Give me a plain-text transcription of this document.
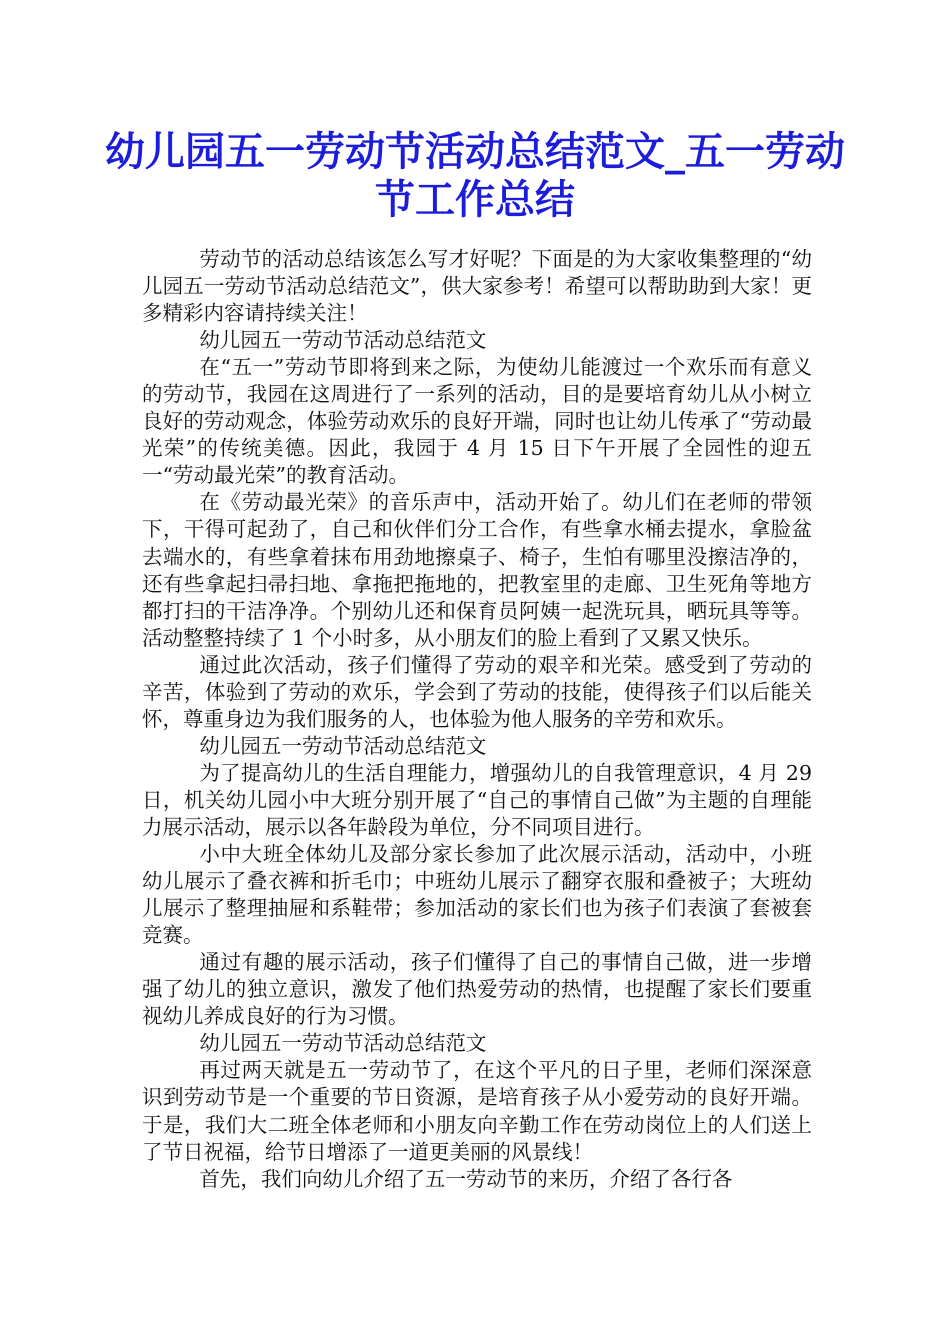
幼儿园五一劳动节活动总结范文_五一劳动节工作总结

劳动节的活动总结该怎么写才好呢？下面是的为大家收集整理的“幼儿园五一劳动节活动总结范文”，供大家参考！希望可以帮助助到大家！更多精彩内容请持续关注！

幼儿园五一劳动节活动总结范文

在“五一”劳动节即将到来之际，为使幼儿能渡过一个欢乐而有意义的劳动节，我园在这周进行了一系列的活动，目的是要培育幼儿从小树立良好的劳动观念，体验劳动欢乐的良好开端，同时也让幼儿传承了“劳动最光荣”的传统美德。因此，我园于 4 月 15 日下午开展了全园性的迎五一“劳动最光荣”的教育活动。

在《劳动最光荣》的音乐声中，活动开始了。幼儿们在老师的带领下，干得可起劲了，自己和伙伴们分工合作，有些拿水桶去提水，拿脸盆去端水的，有些拿着抹布用劲地擦桌子、椅子，生怕有哪里没擦洁净的，还有些拿起扫帚扫地、拿拖把拖地的，把教室里的走廊、卫生死角等地方都打扫的干洁净净。个别幼儿还和保育员阿姨一起洗玩具，晒玩具等等。活动整整持续了 1 个小时多，从小朋友们的脸上看到了又累又快乐。

通过此次活动，孩子们懂得了劳动的艰辛和光荣。感受到了劳动的辛苦，体验到了劳动的欢乐，学会到了劳动的技能，使得孩子们以后能关怀，尊重身边为我们服务的人，也体验为他人服务的辛劳和欢乐。

幼儿园五一劳动节活动总结范文

为了提高幼儿的生活自理能力，增强幼儿的自我管理意识，4 月 29 日，机关幼儿园小中大班分别开展了“自己的事情自己做”为主题的自理能力展示活动，展示以各年龄段为单位，分不同项目进行。

小中大班全体幼儿及部分家长参加了此次展示活动，活动中，小班幼儿展示了叠衣裤和折毛巾；中班幼儿展示了翻穿衣服和叠被子；大班幼儿展示了整理抽屉和系鞋带；参加活动的家长们也为孩子们表演了套被套竞赛。

通过有趣的展示活动，孩子们懂得了自己的事情自己做，进一步增强了幼儿的独立意识，激发了他们热爱劳动的热情，也提醒了家长们要重视幼儿养成良好的行为习惯。

幼儿园五一劳动节活动总结范文

再过两天就是五一劳动节了，在这个平凡的日子里，老师们深深意识到劳动节是一个重要的节日资源，是培育孩子从小爱劳动的良好开端。于是，我们大二班全体老师和小朋友向辛勤工作在劳动岗位上的人们送上了节日祝福，给节日增添了一道更美丽的风景线！

首先，我们向幼儿介绍了五一劳动节的来历，介绍了各行各
